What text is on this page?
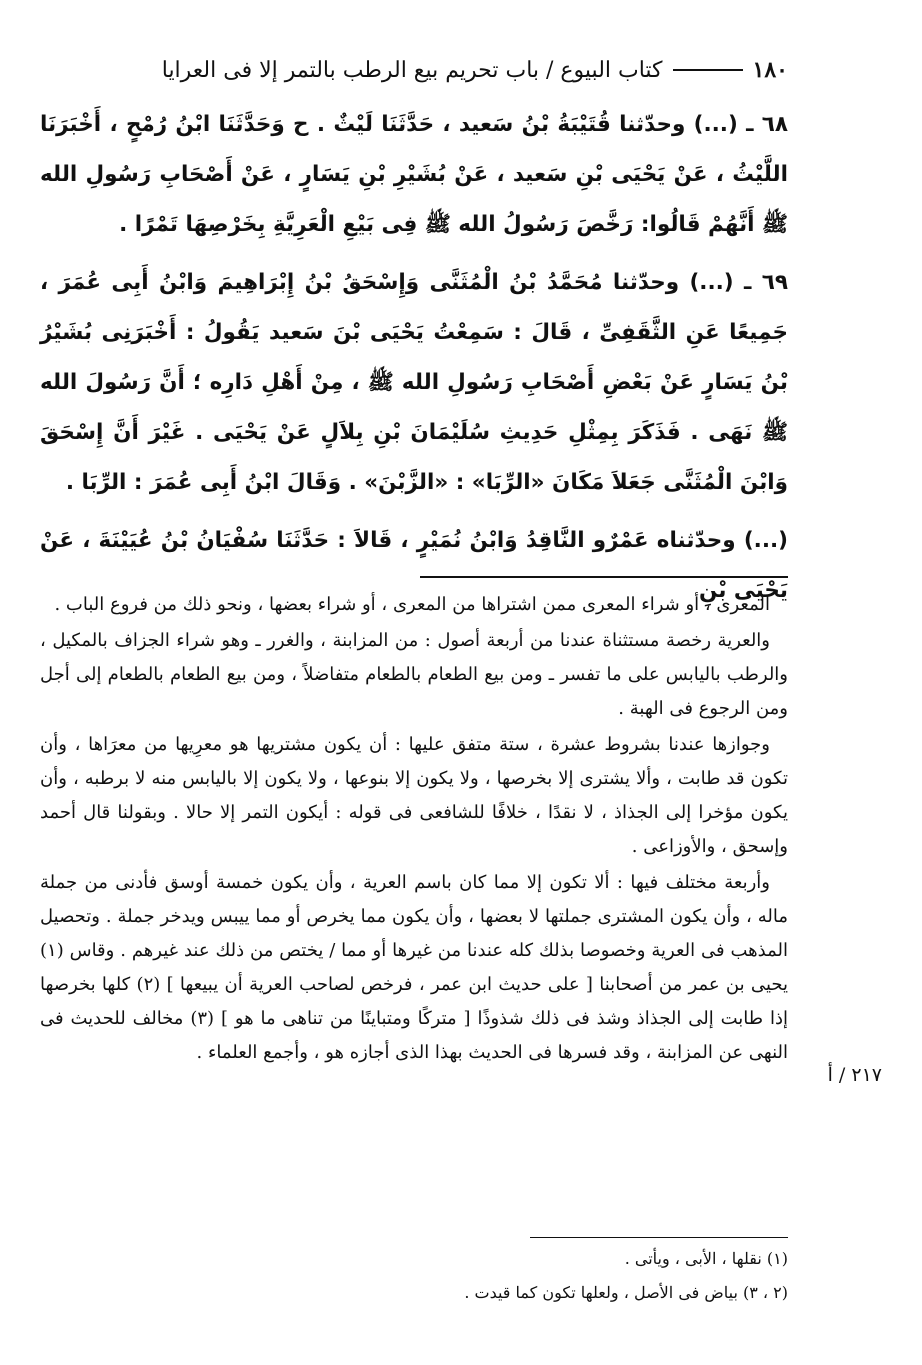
١٨٠
كتاب البيوع / باب تحريم بيع الرطب بالتمر إلا فى العرايا

٦٨ ـ (...) وحدّثنا قُتَيْبَةُ بْنُ سَعيد ، حَدَّثَنَا لَيْثٌ . ح وَحَدَّثَنَا ابْنُ رُمْحٍ ، أَخْبَرَنَا اللَّيْثُ ، عَنْ يَحْيَى بْنِ سَعيد ، عَنْ بُشَيْرِ بْنِ يَسَارٍ ، عَنْ أَصْحَابِ رَسُولِ الله ﷺ أَنَّهُمْ قَالُوا: رَخَّصَ رَسُولُ الله ﷺ فِى بَيْعِ الْعَرِيَّةِ بِخَرْصِهَا تَمْرًا .

٦٩ ـ (...) وحدّثنا مُحَمَّدُ بْنُ الْمُثَنَّى وَإِسْحَقُ بْنُ إِبْرَاهِيمَ وَابْنُ أَبِى عُمَرَ ، جَمِيعًا عَنِ الثَّقَفِىِّ ، قَالَ : سَمِعْتُ يَحْيَى بْنَ سَعيد يَقُولُ : أَخْبَرَنِى بُشَيْرُ بْنُ يَسَارٍ عَنْ بَعْضِ أَصْحَابِ رَسُولِ الله ﷺ ، مِنْ أَهْلِ دَارِه ؛ أَنَّ رَسُولَ الله ﷺ نَهَى . فَذَكَرَ بِمِثْلِ حَدِيثِ سُلَيْمَانَ بْنِ بِلاَلٍ عَنْ يَحْيَى . غَيْرَ أَنَّ إِسْحَقَ وَابْنَ الْمُثَنَّى جَعَلاَ مَكَانَ «الرِّبَا» : «الزَّبْنَ» . وَقَالَ ابْنُ أَبِى عُمَرَ : الرِّبَا .

(...) وحدّثناه عَمْرٌو النَّاقِدُ وَابْنُ نُمَيْرٍ ، قَالاَ : حَدَّثَنَا سُفْيَانُ بْنُ عُيَيْنَةَ ، عَنْ يَحْيَى بْنِ

المعرى ، أو شراء المعرى ممن اشتراها من المعرى ، أو شراء بعضها ، ونحو ذلك من فروع الباب .

والعرية رخصة مستثناة عندنا من أربعة أصول : من المزابنة ، والغرر ـ وهو شراء الجزاف بالمكيل ، والرطب باليابس على ما تفسر ـ ومن بيع الطعام بالطعام متفاضلاً ، ومن بيع الطعام بالطعام إلى أجل ومن الرجوع فى الهبة .

وجوازها عندنا بشروط عشرة ، ستة متفق عليها : أن يكون مشتريها هو معرِيها من معرَاها ، وأن تكون قد طابت ، وألا يشترى إلا بخرصها ، ولا يكون إلا بنوعها ، ولا يكون إلا باليابس منه لا برطبه ، وأن يكون مؤخرا إلى الجذاذ ، لا نقدًا ، خلافًا للشافعى فى قوله : أيكون التمر إلا حالا . وبقولنا قال أحمد وإسحق ، والأوزاعى .

وأربعة مختلف فيها : ألا تكون إلا مما كان باسم العرية ، وأن يكون خمسة أوسق فأدنى من جملة ماله ، وأن يكون المشترى جملتها لا بعضها ، وأن يكون مما يخرص أو مما ييبس ويدخر جملة . وتحصيل المذهب فى العرية وخصوصا بذلك كله عندنا من غيرها أو مما / يختص من ذلك عند غيرهم . وقاس (١) يحيى بن عمر من أصحابنا [ على حديث ابن عمر ، فرخص لصاحب العرية أن يبيعها ] (٢) كلها بخرصها إذا طابت إلى الجذاذ وشذ فى ذلك شذوذًا [ متركًا ومتباينًا من تناهى ما هو ] (٣) مخالف للحديث فى النهى عن المزابنة ، وقد فسرها فى الحديث بهذا الذى أجازه هو ، وأجمع العلماء .

٢١٧ / أ
(١) نقلها ، الأبى ، ويأتى .
(٢ ، ٣) بياض فى الأصل ، ولعلها تكون كما قيدت .
